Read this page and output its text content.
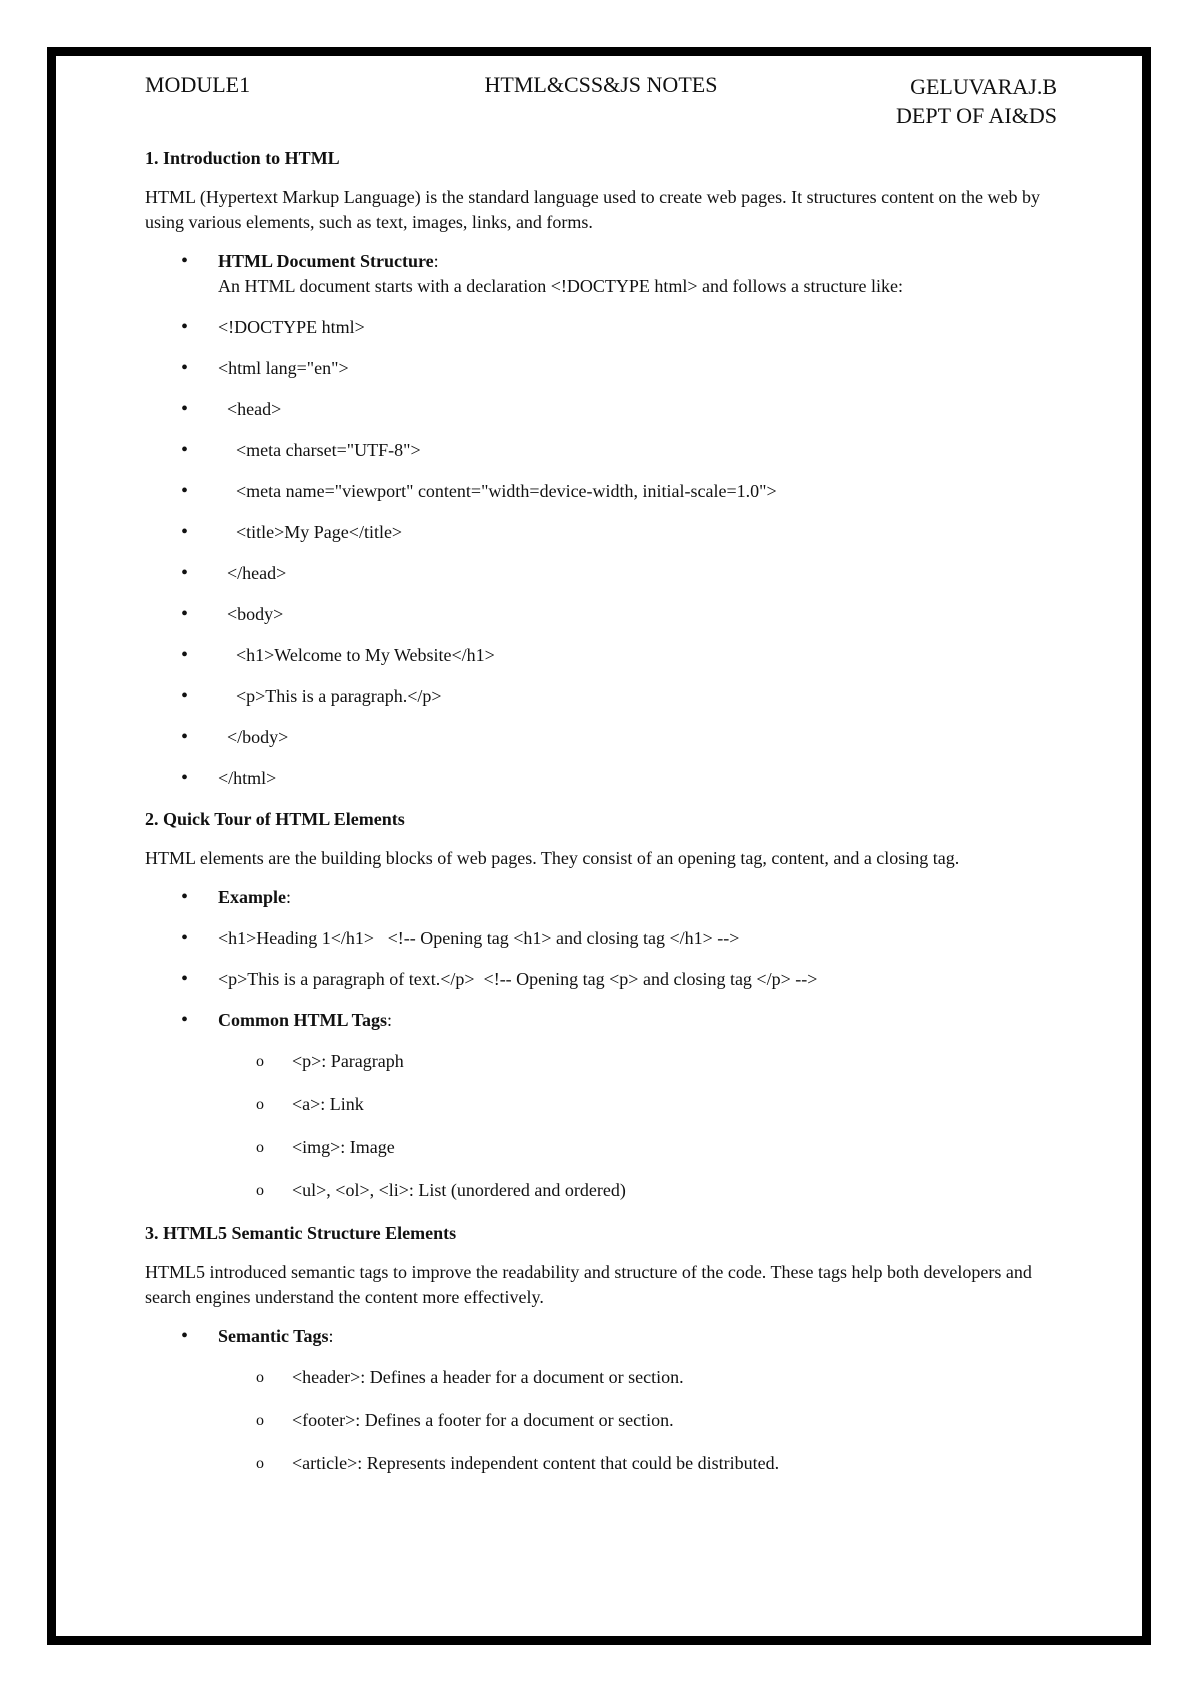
MODULE1	HTML&CSS&JS NOTES	GELUVARAJ.B
DEPT OF AI&DS
1. Introduction to HTML

HTML (Hypertext Markup Language) is the standard language used to create web pages. It structures content on the web by using various elements, such as text, images, links, and forms.

• HTML Document Structure:
An HTML document starts with a declaration <!DOCTYPE html> and follows a structure like:
• <!DOCTYPE html>
• <html lang="en">
•   <head>
•     <meta charset="UTF-8">
•     <meta name="viewport" content="width=device-width, initial-scale=1.0">
•     <title>My Page</title>
•   </head>
•   <body>
•     <h1>Welcome to My Website</h1>
•     <p>This is a paragraph.</p>
•   </body>
• </html>
2. Quick Tour of HTML Elements

HTML elements are the building blocks of web pages. They consist of an opening tag, content, and a closing tag.

• Example:
• <h1>Heading 1</h1>   <!-- Opening tag <h1> and closing tag </h1> -->
• <p>This is a paragraph of text.</p>  <!-- Opening tag <p> and closing tag </p> -->
• Common HTML Tags:
o <p>: Paragraph
o <a>: Link
o <img>: Image
o <ul>, <ol>, <li>: List (unordered and ordered)
3. HTML5 Semantic Structure Elements

HTML5 introduced semantic tags to improve the readability and structure of the code. These tags help both developers and search engines understand the content more effectively.

• Semantic Tags:
o <header>: Defines a header for a document or section.
o <footer>: Defines a footer for a document or section.
o <article>: Represents independent content that could be distributed.
